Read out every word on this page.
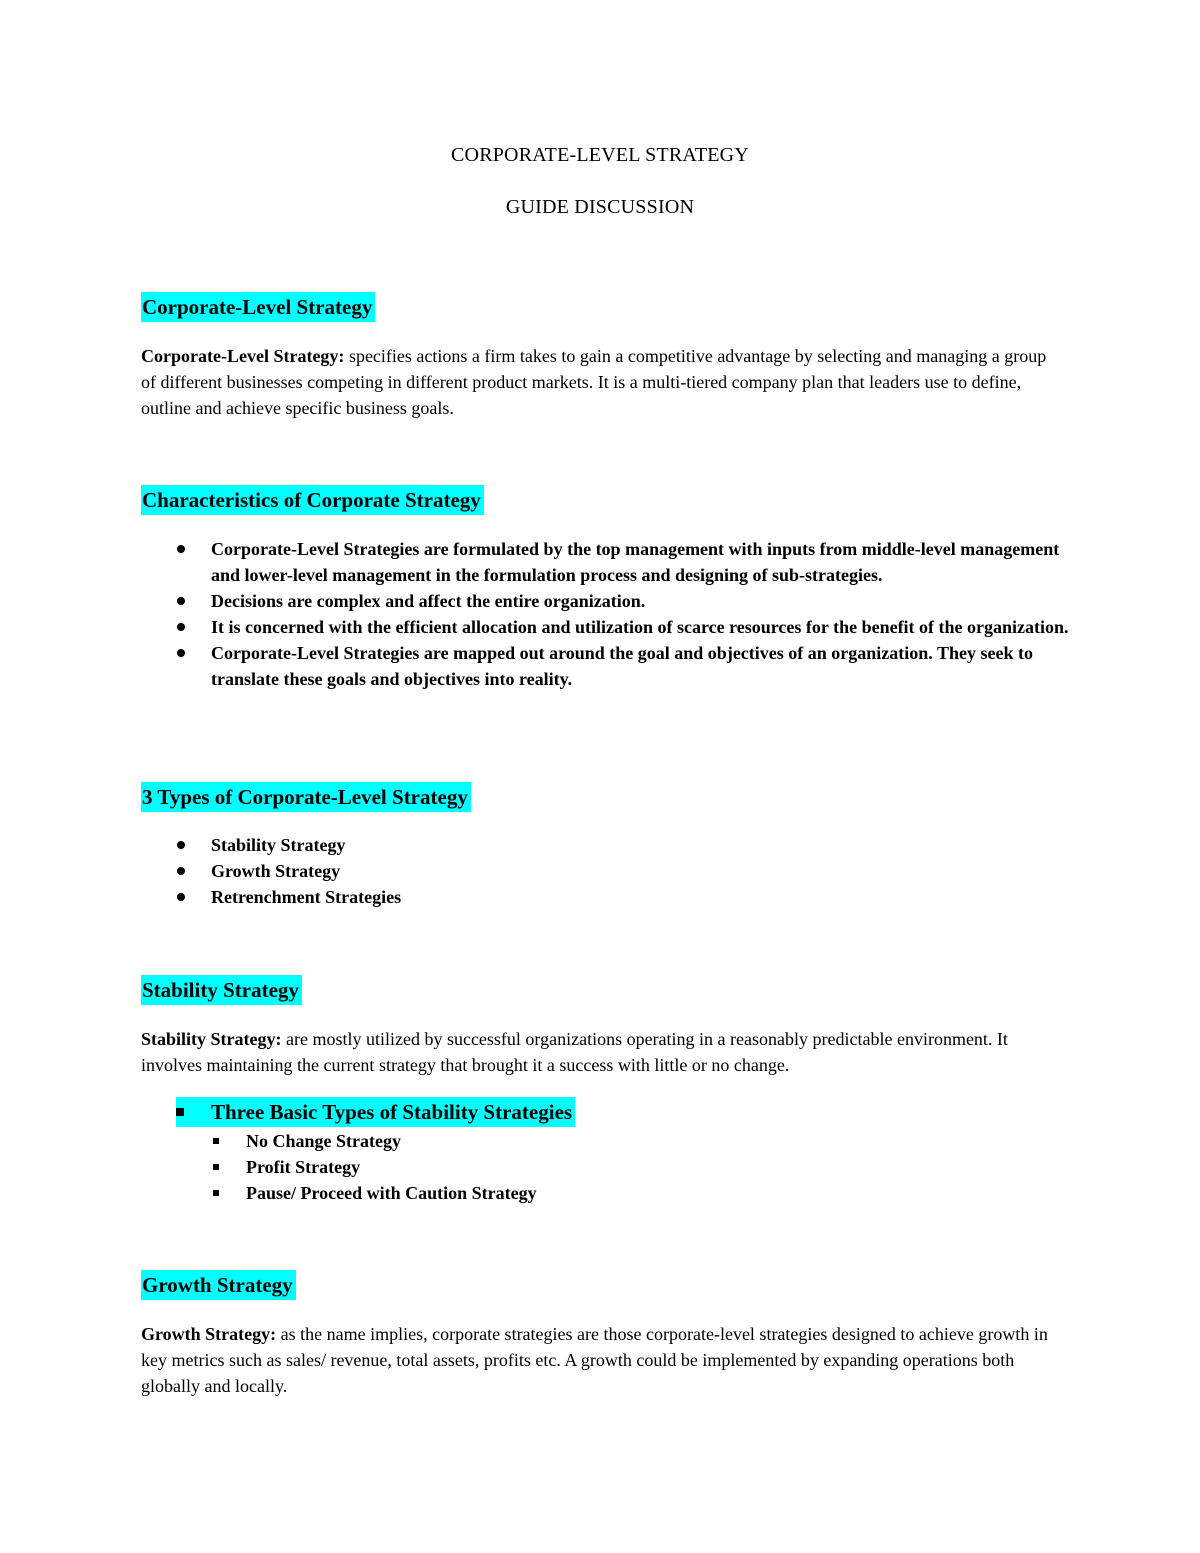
CORPORATE-LEVEL STRATEGY
GUIDE DISCUSSION
Corporate-Level Strategy
Corporate-Level Strategy: specifies actions a firm takes to gain a competitive advantage by selecting and managing a group of different businesses competing in different product markets. It is a multi-tiered company plan that leaders use to define, outline and achieve specific business goals.
Characteristics of Corporate Strategy
Corporate-Level Strategies are formulated by the top management with inputs from middle-level management and lower-level management in the formulation process and designing of sub-strategies.
Decisions are complex and affect the entire organization.
It is concerned with the efficient allocation and utilization of scarce resources for the benefit of the organization.
Corporate-Level Strategies are mapped out around the goal and objectives of an organization. They seek to translate these goals and objectives into reality.
3 Types of Corporate-Level Strategy
Stability Strategy
Growth Strategy
Retrenchment Strategies
Stability Strategy
Stability Strategy: are mostly utilized by successful organizations operating in a reasonably predictable environment. It involves maintaining the current strategy that brought it a success with little or no change.
Three Basic Types of Stability Strategies
No Change Strategy
Profit Strategy
Pause/ Proceed with Caution Strategy
Growth Strategy
Growth Strategy: as the name implies, corporate strategies are those corporate-level strategies designed to achieve growth in key metrics such as sales/ revenue, total assets, profits etc. A growth could be implemented by expanding operations both globally and locally.
